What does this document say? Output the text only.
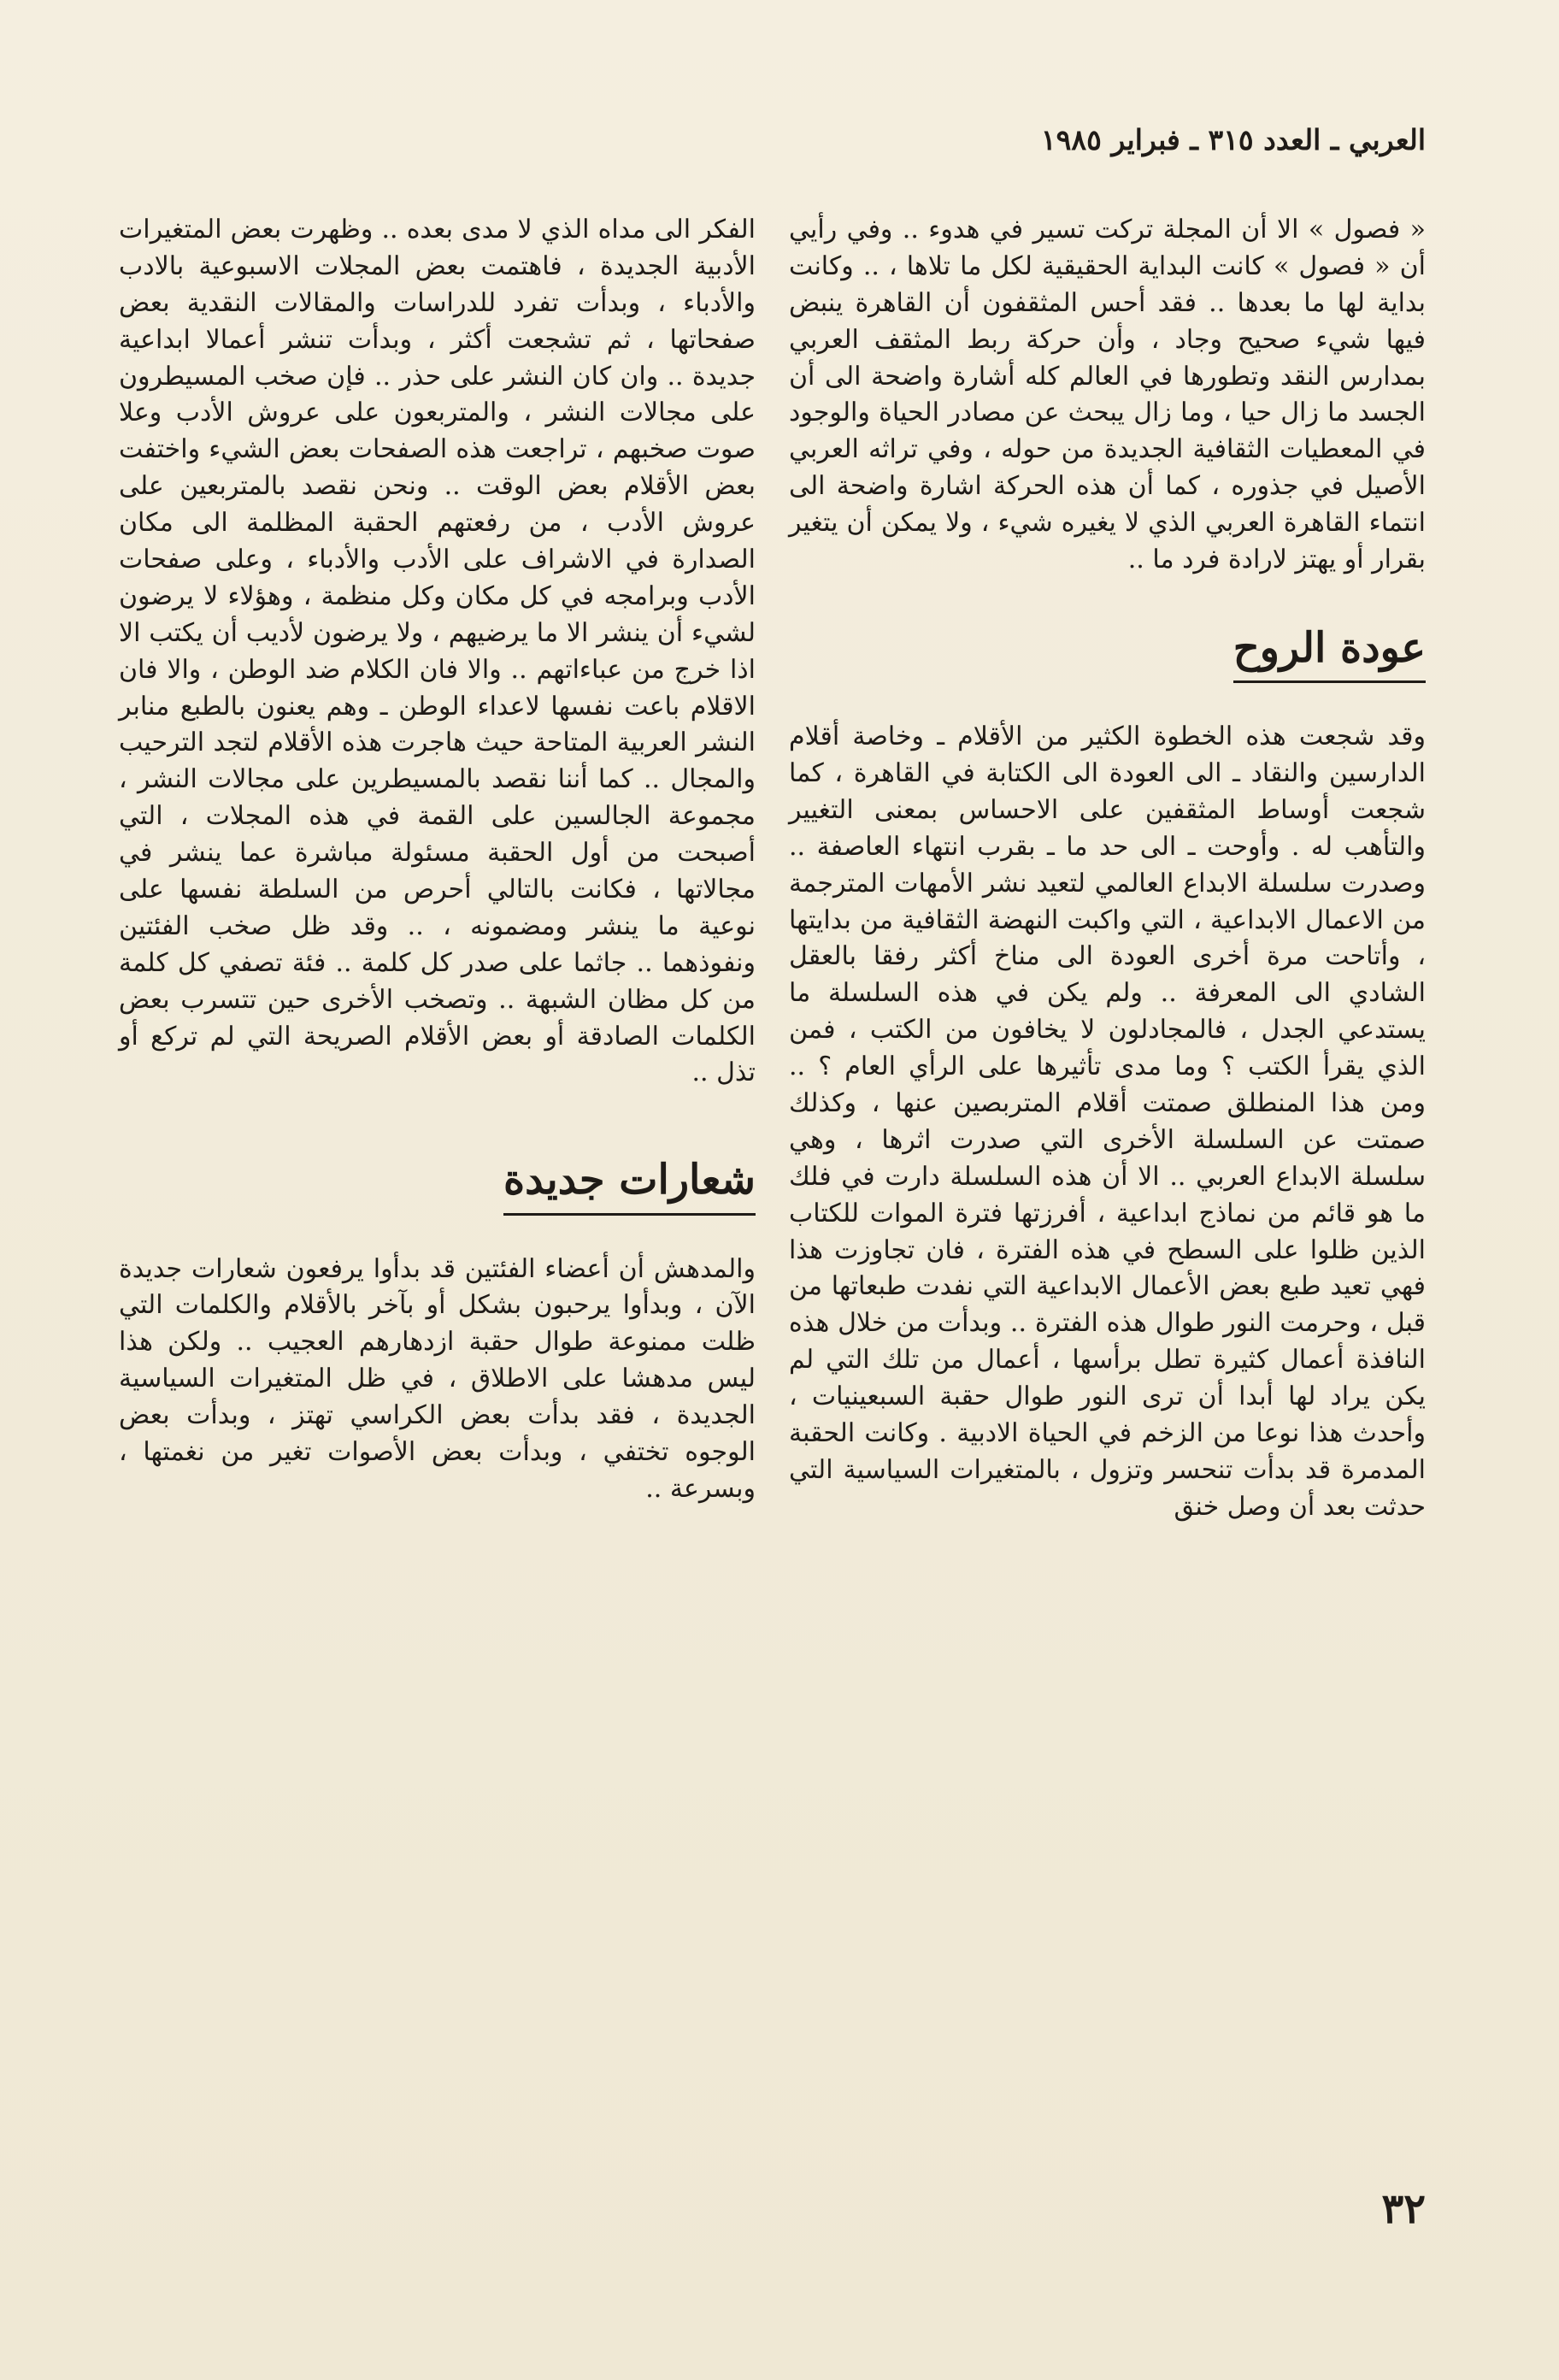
العربي ـ العدد ٣١٥ ـ فبراير ١٩٨٥

« فصول » الا أن المجلة تركت تسير في هدوء .. وفي رأيي أن « فصول » كانت البداية الحقيقية لكل ما تلاها ، .. وكانت بداية لها ما بعدها .. فقد أحس المثقفون أن القاهرة ينبض فيها شيء صحيح وجاد ، وأن حركة ربط المثقف العربي بمدارس النقد وتطورها في العالم كله أشارة واضحة الى أن الجسد ما زال حيا ، وما زال يبحث عن مصادر الحياة والوجود في المعطيات الثقافية الجديدة من حوله ، وفي تراثه العربي الأصيل في جذوره ، كما أن هذه الحركة اشارة واضحة الى انتماء القاهرة العربي الذي لا يغيره شيء ، ولا يمكن أن يتغير بقرار أو يهتز لارادة فرد ما ..

عودة الروح

وقد شجعت هذه الخطوة الكثير من الأقلام ـ وخاصة أقلام الدارسين والنقاد ـ الى العودة الى الكتابة في القاهرة ، كما شجعت أوساط المثقفين على الاحساس بمعنى التغيير والتأهب له . وأوحت ـ الى حد ما ـ بقرب انتهاء العاصفة .. وصدرت سلسلة الابداع العالمي لتعيد نشر الأمهات المترجمة من الاعمال الابداعية ، التي واكبت النهضة الثقافية من بدايتها ، وأتاحت مرة أخرى العودة الى مناخ أكثر رفقا بالعقل الشادي الى المعرفة .. ولم يكن في هذه السلسلة ما يستدعي الجدل ، فالمجادلون لا يخافون من الكتب ، فمن الذي يقرأ الكتب ؟ وما مدى تأثيرها على الرأي العام ؟ .. ومن هذا المنطلق صمتت أقلام المتربصين عنها ، وكذلك صمتت عن السلسلة الأخرى التي صدرت اثرها ، وهي سلسلة الابداع العربي .. الا أن هذه السلسلة دارت في فلك ما هو قائم من نماذج ابداعية ، أفرزتها فترة الموات للكتاب الذين ظلوا على السطح في هذه الفترة ، فان تجاوزت هذا فهي تعيد طبع بعض الأعمال الابداعية التي نفدت طبعاتها من قبل ، وحرمت النور طوال هذه الفترة .. وبدأت من خلال هذه النافذة أعمال كثيرة تطل برأسها ، أعمال من تلك التي لم يكن يراد لها أبدا أن ترى النور طوال حقبة السبعينيات ، وأحدث هذا نوعا من الزخم في الحياة الادبية . وكانت الحقبة المدمرة قد بدأت تنحسر وتزول ، بالمتغيرات السياسية التي حدثت بعد أن وصل خنق

الفكر الى مداه الذي لا مدى بعده .. وظهرت بعض المتغيرات الأدبية الجديدة ، فاهتمت بعض المجلات الاسبوعية بالادب والأدباء ، وبدأت تفرد للدراسات والمقالات النقدية بعض صفحاتها ، ثم تشجعت أكثر ، وبدأت تنشر أعمالا ابداعية جديدة .. وان كان النشر على حذر .. فإن صخب المسيطرون على مجالات النشر ، والمتربعون على عروش الأدب وعلا صوت صخبهم ، تراجعت هذه الصفحات بعض الشيء واختفت بعض الأقلام بعض الوقت .. ونحن نقصد بالمتربعين على عروش الأدب ، من رفعتهم الحقبة المظلمة الى مكان الصدارة في الاشراف على الأدب والأدباء ، وعلى صفحات الأدب وبرامجه في كل مكان وكل منظمة ، وهؤلاء لا يرضون لشيء أن ينشر الا ما يرضيهم ، ولا يرضون لأديب أن يكتب الا اذا خرج من عباءاتهم .. والا فان الكلام ضد الوطن ، والا فان الاقلام باعت نفسها لاعداء الوطن ـ وهم يعنون بالطبع منابر النشر العربية المتاحة حيث هاجرت هذه الأقلام لتجد الترحيب والمجال .. كما أننا نقصد بالمسيطرين على مجالات النشر ، مجموعة الجالسين على القمة في هذه المجلات ، التي أصبحت من أول الحقبة مسئولة مباشرة عما ينشر في مجالاتها ، فكانت بالتالي أحرص من السلطة نفسها على نوعية ما ينشر ومضمونه ، .. وقد ظل صخب الفئتين ونفوذهما .. جاثما على صدر كل كلمة .. فئة تصفي كل كلمة من كل مظان الشبهة .. وتصخب الأخرى حين تتسرب بعض الكلمات الصادقة أو بعض الأقلام الصريحة التي لم تركع أو تذل ..

شعارات جديدة

والمدهش أن أعضاء الفئتين قد بدأوا يرفعون شعارات جديدة الآن ، وبدأوا يرحبون بشكل أو بآخر بالأقلام والكلمات التي ظلت ممنوعة طوال حقبة ازدهارهم العجيب .. ولكن هذا ليس مدهشا على الاطلاق ، في ظل المتغيرات السياسية الجديدة ، فقد بدأت بعض الكراسي تهتز ، وبدأت بعض الوجوه تختفي ، وبدأت بعض الأصوات تغير من نغمتها ، وبسرعة ..

٣٢
